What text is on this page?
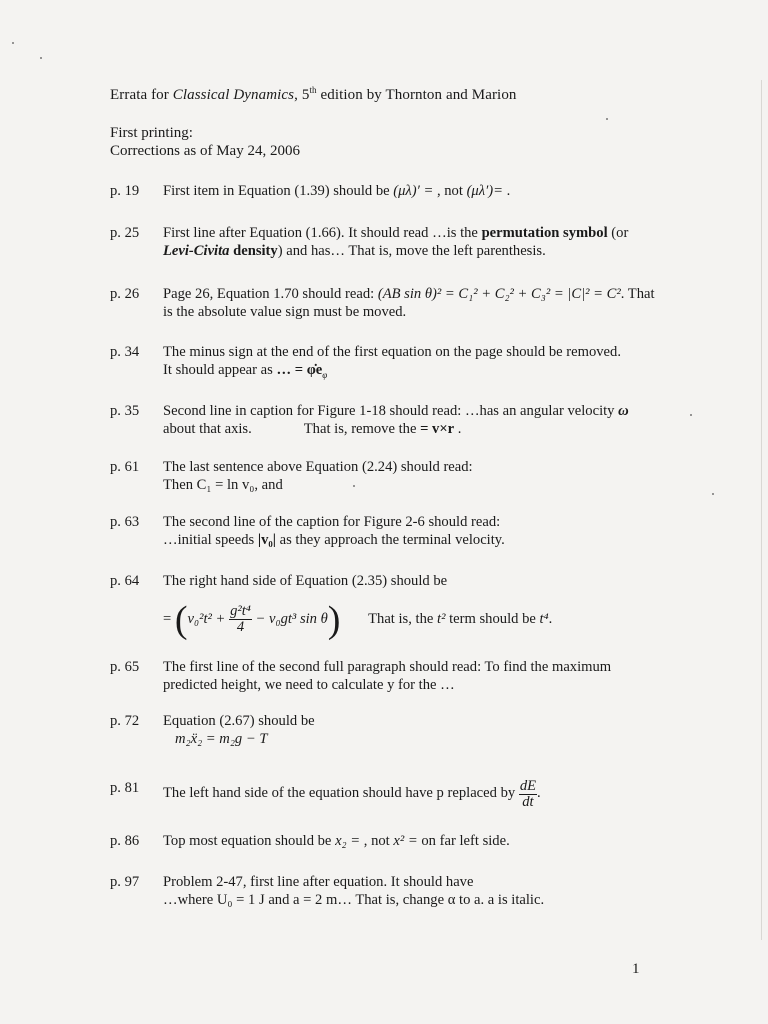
Errata for Classical Dynamics, 5th edition by Thornton and Marion
First printing:
Corrections as of May 24, 2006
p. 19	First item in Equation (1.39) should be (μλ)′ = , not (μλ′)= .
p. 25	First line after Equation (1.66). It should read …is the permutation symbol (or
Levi-Civita density) and has… That is, move the left parenthesis.
p. 26	Page 26, Equation 1.70 should read: (AB sin θ)² = C₁² + C₂² + C₃² = |C|² = C². That
is the absolute value sign must be moved.
p. 34	The minus sign at the end of the first equation on the page should be removed.
It should appear as … = $\varphi̇e_\varphi$
p. 35	Second line in caption for Figure 1-18 should read: …has an angular velocity ω
about that axis.	That is, remove the = v×r .
p. 61	The last sentence above Equation (2.24) should read:
Then C₁ = ln v₀, and
p. 63	The second line of the caption for Figure 2-6 should read:
…initial speeds |v₀| as they approach the terminal velocity.
p. 64	The right hand side of Equation (2.35) should be
= ($v_0^2t^2 + \frac{\text{g²t⁴}}{4} - v_0gt^3$ sin θ) That is, the t² term should be t⁴.
p. 65	The first line of the second full paragraph should read: To find the maximum
predicted height, we need to calculate y for the …
p. 72	Equation (2.67) should be
m₂ẍ₂ = m₂g − T
p. 81	The left hand side of the equation should have p replaced by $\frac{dE}{dt}$ .
p. 86	Top most equation should be x₂ = , not x² = on far left side.
p. 97	Problem 2-47, first line after equation. It should have
…where U₀ = 1 J and a = 2 m… That is, change α to a. a is italic.
1
